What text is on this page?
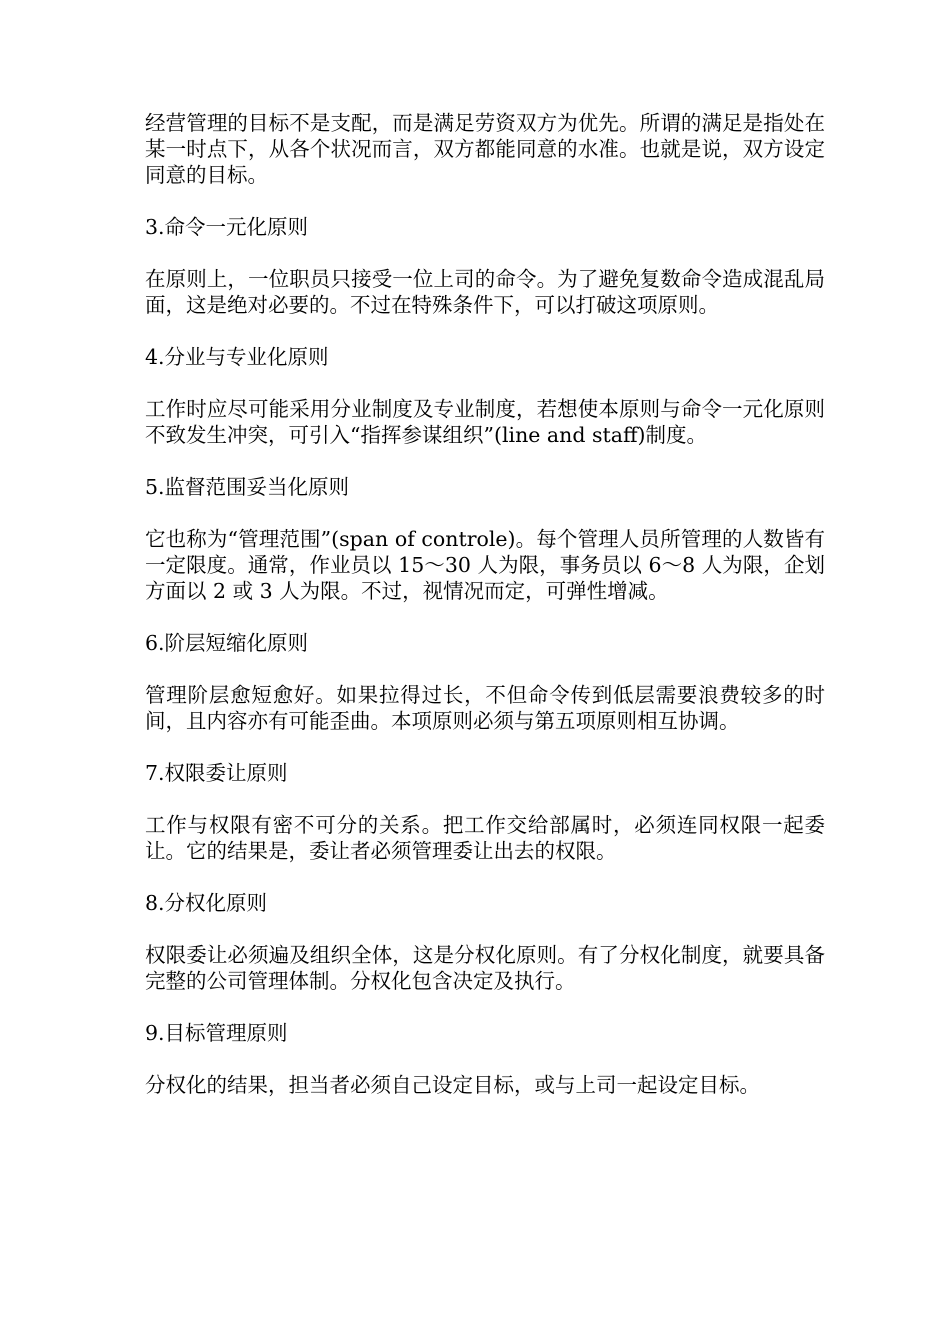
经营管理的目标不是支配，而是满足劳资双方为优先。所谓的满足是指处在某一时点下，从各个状况而言，双方都能同意的水准。也就是说，双方设定同意的目标。

3.命令一元化原则

在原则上，一位职员只接受一位上司的命令。为了避免复数命令造成混乱局面，这是绝对必要的。不过在特殊条件下，可以打破这项原则。

4.分业与专业化原则

工作时应尽可能采用分业制度及专业制度，若想使本原则与命令一元化原则不致发生冲突，可引入“指挥参谋组织”(line and staff)制度。

5.监督范围妥当化原则

它也称为“管理范围”(span of controle)。每个管理人员所管理的人数皆有一定限度。通常，作业员以 15～30 人为限，事务员以 6～8 人为限，企划方面以 2 或 3 人为限。不过，视情况而定，可弹性增减。

6.阶层短缩化原则

管理阶层愈短愈好。如果拉得过长，不但命令传到低层需要浪费较多的时间，且内容亦有可能歪曲。本项原则必须与第五项原则相互协调。

7.权限委让原则

工作与权限有密不可分的关系。把工作交给部属时，必须连同权限一起委让。它的结果是，委让者必须管理委让出去的权限。

8.分权化原则

权限委让必须遍及组织全体，这是分权化原则。有了分权化制度，就要具备完整的公司管理体制。分权化包含决定及执行。

9.目标管理原则

分权化的结果，担当者必须自己设定目标，或与上司一起设定目标。
